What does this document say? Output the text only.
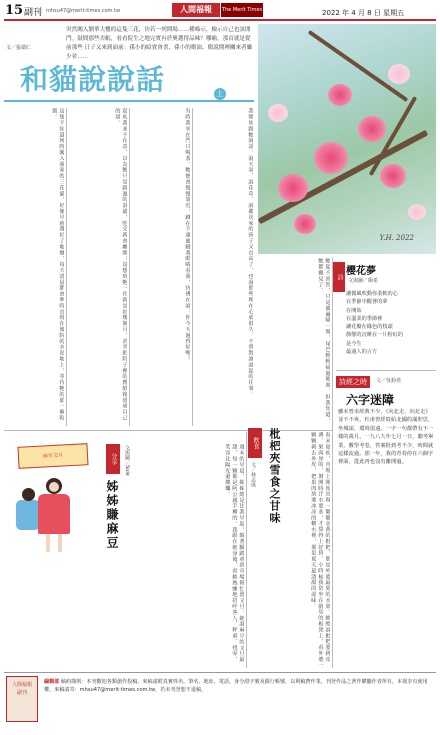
15 副刊 mhsu47@merit-times.com.tw	人間福報	The Merit Times	2022 年 4 月 8 日 星期五
突然闖入劉華大樓的這隻三花，彷若一列開場……種喵示，檢示自己也該開 門。鼓間那些否虧，看看院生之地完實有於奧選得品味？哪喻，那首就是從前那些 日子又來到面前：孫小的暗賣會書、孫小的衛油、衛說開裡關來者雖少並……
文／張瑞仁
和貓說說話	上
這隻不知道何時闖入我家的三花貓，好像早就選好了地盤，每天清晨都會準時出現在後院的水泥地上，等待牠的那一碗乾飯。	起初我並不在意，以為牠只是路過的浪貓，吃完就會離開；沒想到牠一住就是好幾個月，甚至把院子裡的舊紙箱當成自己的窩。	有時我坐在門口喝茶，牠便會慢慢靠近，蹲在不遠處瞇著眼睛看我，彷彿在說：你今天過得好嗎？	我開始跟牠說話。說天氣、說花草、說鄰居家的孩子又長高了，也說那些埋在心底很久、不曾對誰說起的往事。	牠從不回答，只是偶爾喵一聲，尾巴輕輕掃過地面。但我知道，牠都聽見了。
Y.H. 2022
詩 櫻花夢
文與圖／陽希
讓微風吹動你柔軟的心
在季節中醒著的夢
在開始
在溫柔的季節裡
讓花瓣在綠色的枝頭
靜靜的沉睡在一片粉紅的
是今生
最遠人的言方
詩經之時	文／吳鈞堯
六字迷障
雖未曾未經典不少，《向北走、向北走》並不不爽，杜甫曾經寫給北國的滿腔思，坐城深，環境很遠，一字一句都帶有不一樣的歲月。一九八九年七月一日，聽考畢業，數學考卷，答案批到考不少，時間就這樣流過。那一年，我的青春停在六個字裡面，從此再也沒有離開過。
麻豆文旦	分享
姊姊賺麻豆
文與圖／Sule	週末的早晨，姊姊總是比我早起，騎著腳踏車到市場幫忙賣文旦。她說麻豆的文旦最甜，每一顆都是阿公親手種的。我跟在她身後，看她熟練地招呼客人、秤重、找零，笑容比陽光還燦爛。
飲食 枇杷夾雪食之甘味
文／林志成	春末夏初，市場上開始出現一簍簍金黃的枇杷，那是外婆最愛的水果。她總說枇杷要挑皮薄、果肉厚的，剝開時汁水要多，才算得上好貨。小時候我常坐在廚房的板凳上，看外婆一顆顆剝去外皮，把果肉放進冰涼的糖水裡，那是夏天最清甜的滋味。
人間福報
副刊
編輯部 稿約簡則：本刊歡迎各類創作投稿，來稿請附真實姓名、筆名、地址、電話、身分證字號及銀行帳號，以利稿費作業。刊登作品之著作權屬作者所有，本報享有使用權。來稿請寄：mhsu47@merit-times.com.tw，若未刊登恕不退稿。
